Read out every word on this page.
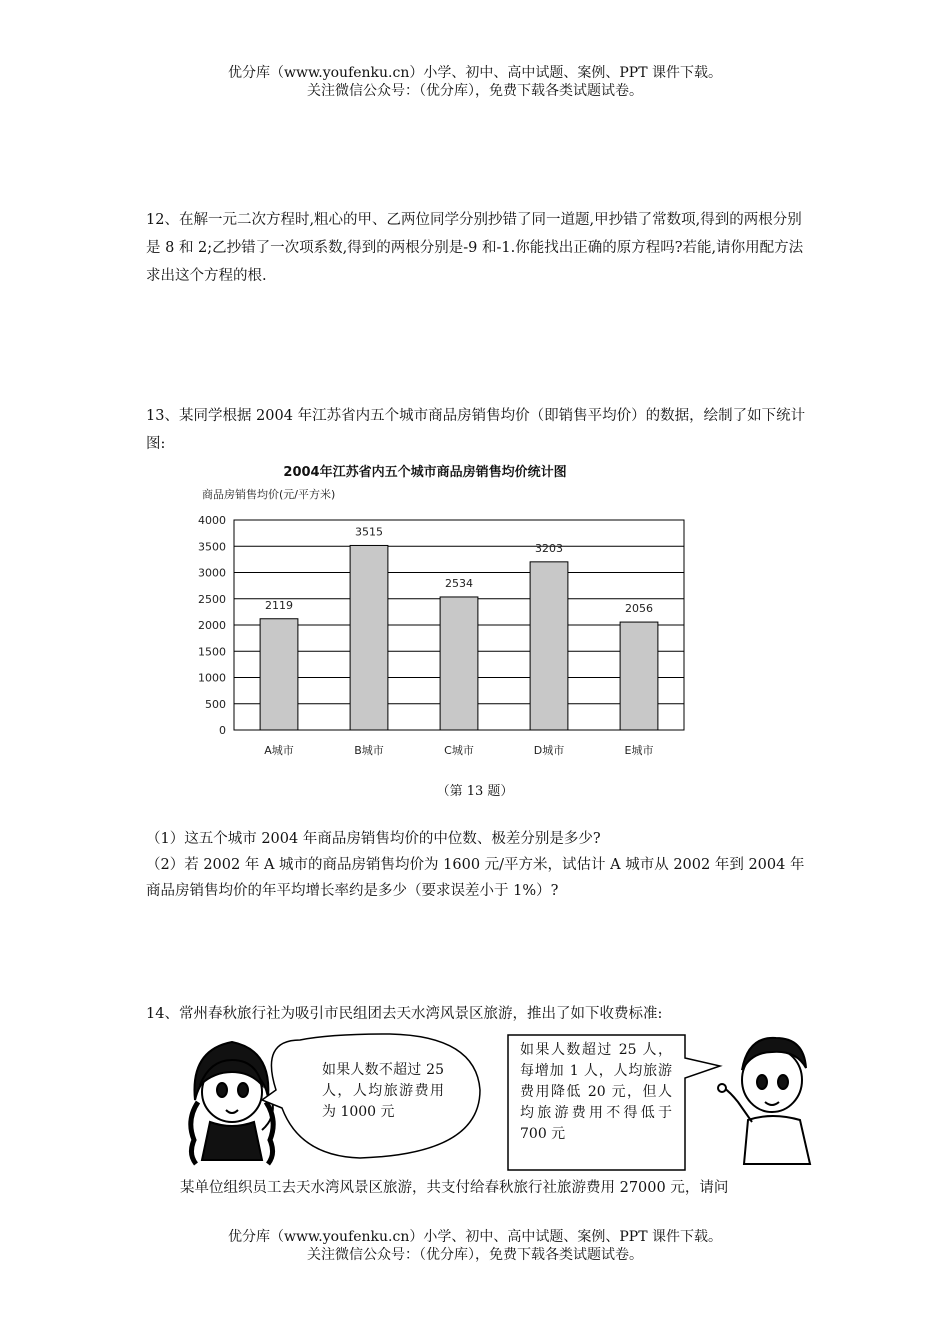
优分库（www.youfenku.cn）小学、初中、高中试题、案例、PPT 课件下载。
关注微信公众号：（优分库），免费下载各类试题试卷。

12、在解一元二次方程时,粗心的甲、乙两位同学分别抄错了同一道题,甲抄错了常数项,得到的两根分别是 8 和 2;乙抄错了一次项系数,得到的两根分别是-9 和-1.你能找出正确的原方程吗?若能,请你用配方法求出这个方程的根.

13、某同学根据 2004 年江苏省内五个城市商品房销售均价（即销售平均价）的数据，绘制了如下统计图:

2004年江苏省内五个城市商品房销售均价统计图
商品房销售均价(元/平方米)
2119
3515
2534
3203
2056
0
500
1000
1500
2000
2500
3000
3500
4000
A城市	B城市	C城市	D城市	E城市
（第 13 题）
（1）这五个城市 2004 年商品房销售均价的中位数、极差分别是多少?
（2）若 2002 年 A 城市的商品房销售均价为 1600 元/平方米，试估计 A 城市从 2002 年到 2004 年商品房销售均价的年平均增长率约是多少（要求误差小于 1%）?

14、常州春秋旅行社为吸引市民组团去天水湾风景区旅游，推出了如下收费标准:

如果人数不超过 25 人，人均旅游费用为 1000 元
如果人数超过 25 人，每增加 1 人，人均旅游费用降低 20 元，但人均旅游费用不得低于 700 元

某单位组织员工去天水湾风景区旅游，共支付给春秋旅行社旅游费用 27000 元，请问

优分库（www.youfenku.cn）小学、初中、高中试题、案例、PPT 课件下载。
关注微信公众号：（优分库），免费下载各类试题试卷。
